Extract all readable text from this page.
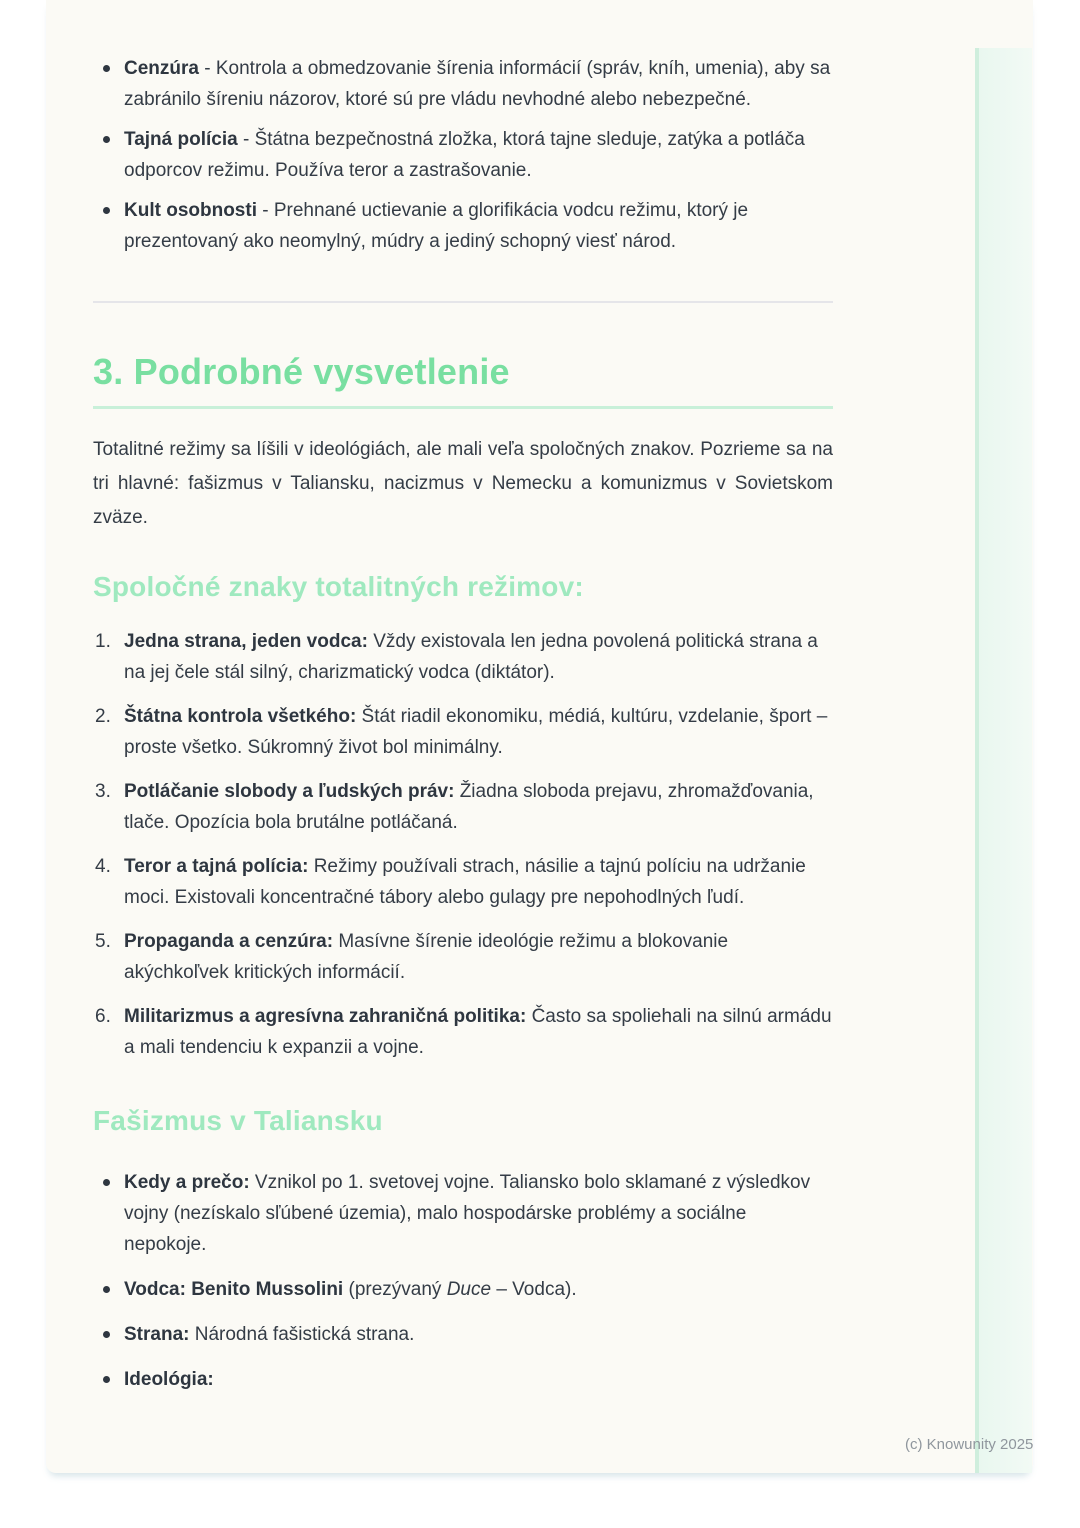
Cenzúra - Kontrola a obmedzovanie šírenia informácií (správ, kníh, umenia), aby sa zabránilo šíreniu názorov, ktoré sú pre vládu nevhodné alebo nebezpečné.
Tajná polícia - Štátna bezpečnostná zložka, ktorá tajne sleduje, zatýka a potláča odporcov režimu. Používa teror a zastrašovanie.
Kult osobnosti - Prehnané uctievanie a glorifikácia vodcu režimu, ktorý je prezentovaný ako neomylný, múdry a jediný schopný viesť národ.
3. Podrobné vysvetlenie

Totalitné režimy sa líšili v ideológiách, ale mali veľa spoločných znakov. Pozrieme sa na tri hlavné: fašizmus v Taliansku, nacizmus v Nemecku a komunizmus v Sovietskom zväze.

Spoločné znaky totalitných režimov:
1. Jedna strana, jeden vodca: Vždy existovala len jedna povolená politická strana a na jej čele stál silný, charizmatický vodca (diktátor).
2. Štátna kontrola všetkého: Štát riadil ekonomiku, médiá, kultúru, vzdelanie, šport – proste všetko. Súkromný život bol minimálny.
3. Potláčanie slobody a ľudských práv: Žiadna sloboda prejavu, zhromažďovania, tlače. Opozícia bola brutálne potláčaná.
4. Teror a tajná polícia: Režimy používali strach, násilie a tajnú políciu na udržanie moci. Existovali koncentračné tábory alebo gulagy pre nepohodlných ľudí.
5. Propaganda a cenzúra: Masívne šírenie ideológie režimu a blokovanie akýchkoľvek kritických informácií.
6. Militarizmus a agresívna zahraničná politika: Často sa spoliehali na silnú armádu a mali tendenciu k expanzii a vojne.
Fašizmus v Taliansku
Kedy a prečo: Vznikol po 1. svetovej vojne. Taliansko bolo sklamané z výsledkov vojny (nezískalo sľúbené územia), malo hospodárske problémy a sociálne nepokoje.
Vodca: Benito Mussolini (prezývaný Duce – Vodca).
Strana: Národná fašistická strana.
Ideológia:
(c) Knowunity 2025
